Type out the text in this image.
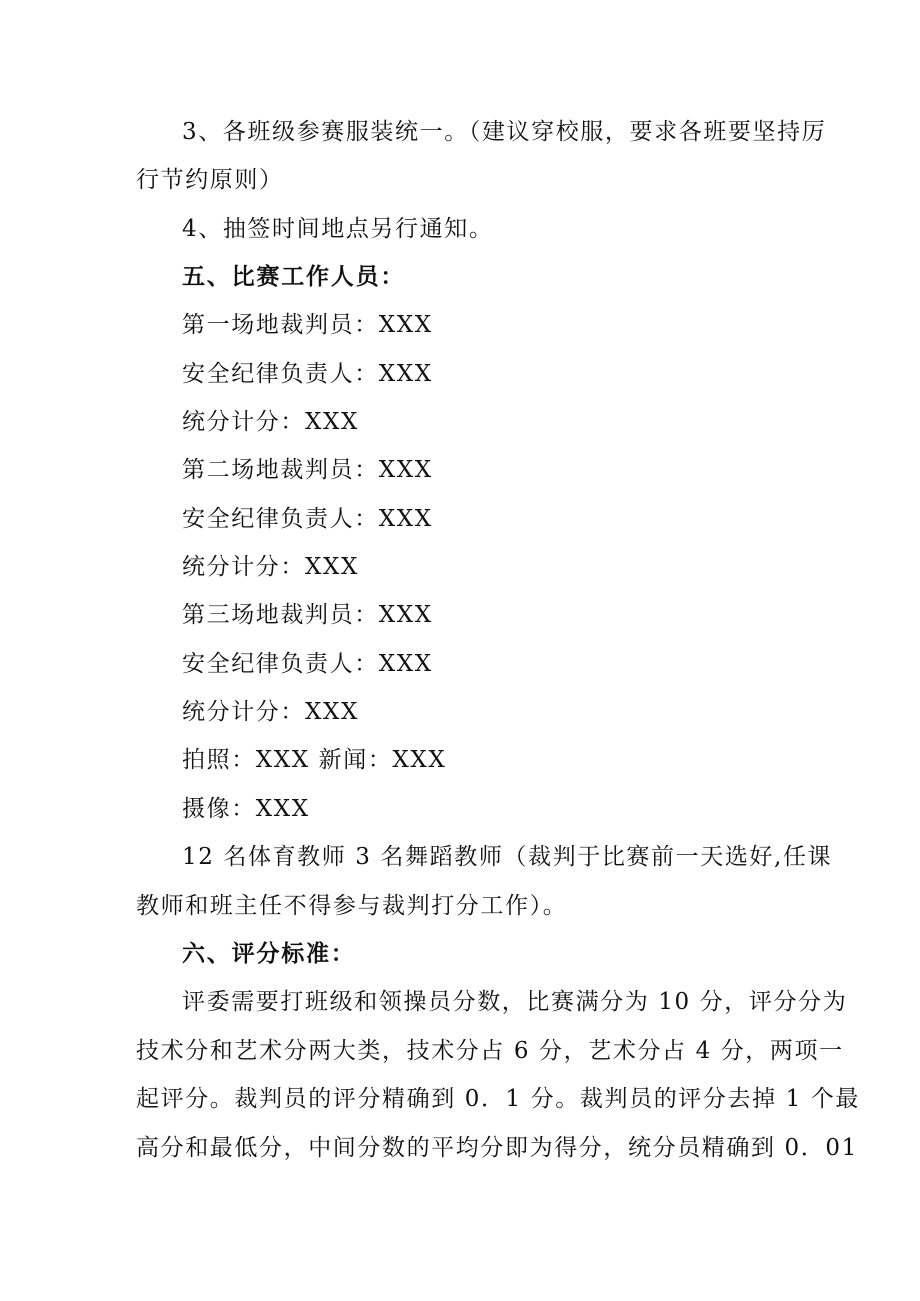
3、各班级参赛服装统一。（建议穿校服，要求各班要坚持厉
行节约原则）
4、抽签时间地点另行通知。
五、比赛工作人员：
第一场地裁判员：XXX
安全纪律负责人：XXX
统分计分：XXX
第二场地裁判员：XXX
安全纪律负责人：XXX
统分计分：XXX
第三场地裁判员：XXX
安全纪律负责人：XXX
统分计分：XXX
拍照：XXX 新闻：XXX
摄像：XXX
12 名体育教师 3 名舞蹈教师（裁判于比赛前一天选好,任课
教师和班主任不得参与裁判打分工作）。
六、评分标准：
评委需要打班级和领操员分数，比赛满分为 10 分，评分分为
技术分和艺术分两大类，技术分占 6 分，艺术分占 4 分，两项一
起评分。裁判员的评分精确到 0．1 分。裁判员的评分去掉 1 个最
高分和最低分，中间分数的平均分即为得分，统分员精确到 0．01
